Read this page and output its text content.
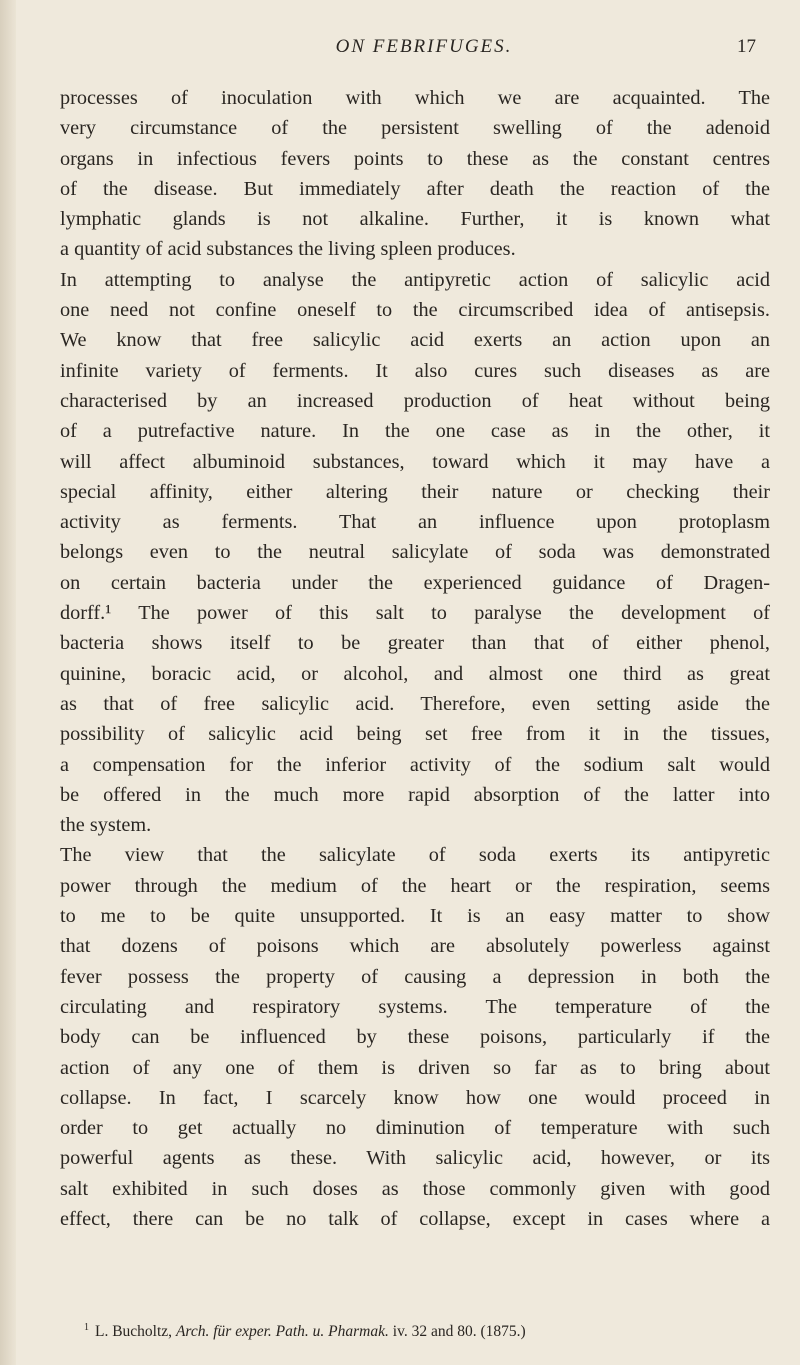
ON FEBRIFUGES.	17
processes of inoculation with which we are acquainted. The
very circumstance of the persistent swelling of the adenoid
organs in infectious fevers points to these as the constant centres
of the disease. But immediately after death the reaction of the
lymphatic glands is not alkaline. Further, it is known what
a quantity of acid substances the living spleen produces.
In attempting to analyse the antipyretic action of salicylic acid
one need not confine oneself to the circumscribed idea of antisepsis.
We know that free salicylic acid exerts an action upon an
infinite variety of ferments. It also cures such diseases as are
characterised by an increased production of heat without being
of a putrefactive nature. In the one case as in the other, it
will affect albuminoid substances, toward which it may have a
special affinity, either altering their nature or checking their
activity as ferments. That an influence upon protoplasm
belongs even to the neutral salicylate of soda was demonstrated
on certain bacteria under the experienced guidance of Dragen-
dorff.¹ The power of this salt to paralyse the development of
bacteria shows itself to be greater than that of either phenol,
quinine, boracic acid, or alcohol, and almost one third as great
as that of free salicylic acid. Therefore, even setting aside the
possibility of salicylic acid being set free from it in the tissues,
a compensation for the inferior activity of the sodium salt would
be offered in the much more rapid absorption of the latter into
the system.
The view that the salicylate of soda exerts its antipyretic
power through the medium of the heart or the respiration, seems
to me to be quite unsupported. It is an easy matter to show
that dozens of poisons which are absolutely powerless against
fever possess the property of causing a depression in both the
circulating and respiratory systems. The temperature of the
body can be influenced by these poisons, particularly if the
action of any one of them is driven so far as to bring about
collapse. In fact, I scarcely know how one would proceed in
order to get actually no diminution of temperature with such
powerful agents as these. With salicylic acid, however, or its
salt exhibited in such doses as those commonly given with good
effect, there can be no talk of collapse, except in cases where a
$^1$ L. Bucholtz, Arch. für exper. Path. u. Pharmak. iv. 32 and 80. (1875.)
